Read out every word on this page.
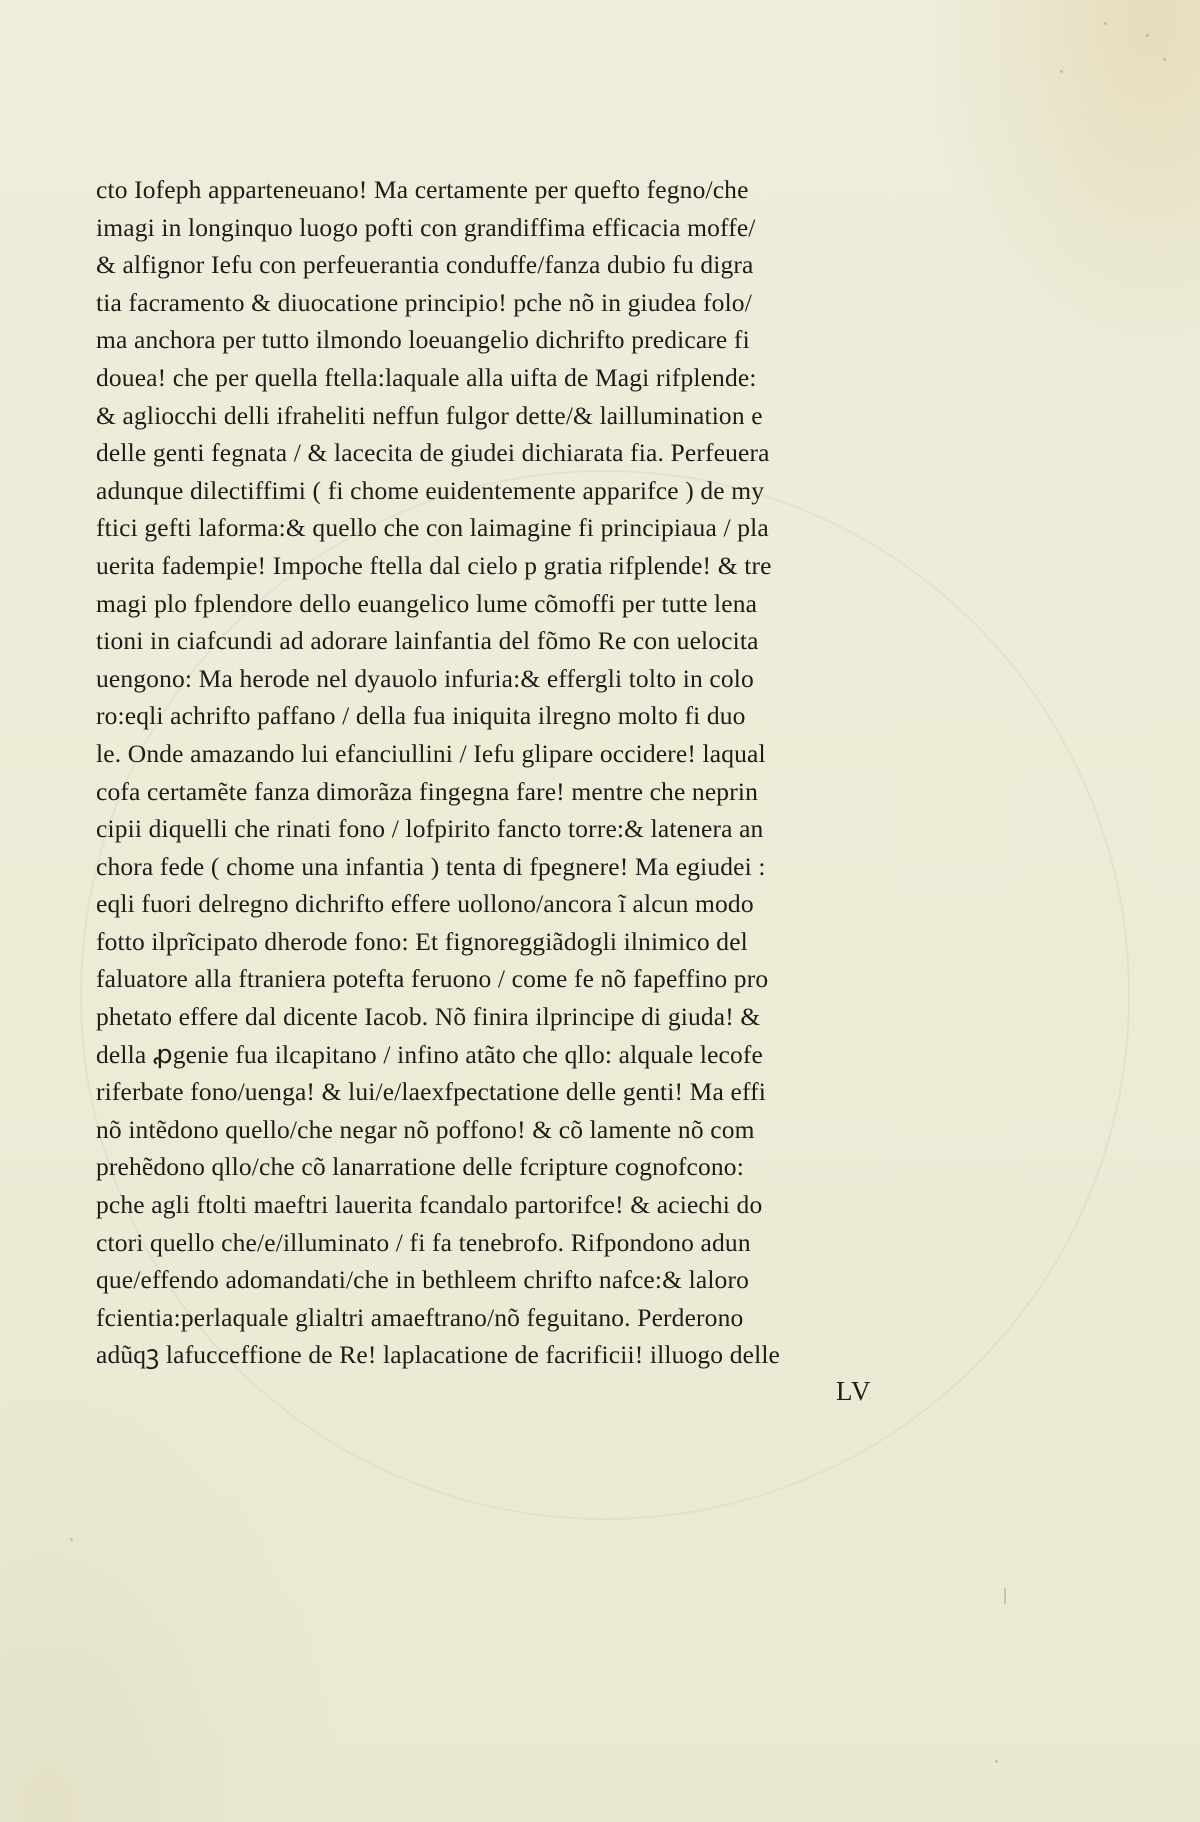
cto Iofeph apparteneuano! Ma certamente per quefto fegno/che
imagi in longinquo luogo pofti con grandiffima efficacia moffe/
& alfignor Iefu con perfeuerantia conduffe/fanza dubio fu digra
tia facramento & diuocatione principio! pche nõ in giudea folo/
ma anchora per tutto ilmondo loeuangelio dichrifto predicare fi
douea! che per quella ftella:laquale alla uifta de Magi rifplende:
& agliocchi delli ifraheliti neffun fulgor dette/& laillumination e
delle genti fegnata / & lacecita de giudei dichiarata fia. Perfeuera
adunque dilectiffimi ( fi chome euidentemente apparifce ) de my
ftici gefti laforma:& quello che con laimagine fi principiaua / pla
uerita fadempie! Impoche ftella dal cielo p gratia rifplende! & tre
magi plo fplendore dello euangelico lume cõmoffi per tutte lena
tioni in ciafcundi ad adorare lainfantia del fõmo Re con uelocita
uengono: Ma herode nel dyauolo infuria:& effergli tolto in colo
ro:eqli achrifto paffano / della fua iniquita ilregno molto fi duo
le. Onde amazando lui efanciullini / Iefu glipare occidere! laqual
cofa certamẽte fanza dimorãza fingegna fare! mentre che neprin
cipii diquelli che rinati fono / lofpirito fancto torre:& latenera an
chora fede ( chome una infantia ) tenta di fpegnere! Ma egiudei :
eqli fuori delregno dichrifto effere uollono/ancora ĩ alcun modo
fotto ilprĩcipato dherode fono: Et fignoreggiãdogli ilnimico del
faluatore alla ftraniera potefta feruono / come fe nõ fapeffino pro
phetato effere dal dicente Iacob. Nõ finira ilprincipe di giuda! &
della ꝓgenie fua ilcapitano / infino atãto che qllo: alquale lecofe
riferbate fono/uenga! & lui/e/laexfpectatione delle genti! Ma effi
nõ intẽdono quello/che negar nõ poffono! & cõ lamente nõ com
prehẽdono qllo/che cõ lanarratione delle fcripture cognofcono:
pche agli ftolti maeftri lauerita fcandalo partorifce! & aciechi do
ctori quello che/e/illuminato / fi fa tenebrofo. Rifpondono adun
que/effendo adomandati/che in bethleem chrifto nafce:& laloro
fcientia:perlaquale glialtri amaeftrano/nõ feguitano. Perderono
adũqꝫ lafucceffione de Re! laplacatione de facrificii! illuogo delle
LV
